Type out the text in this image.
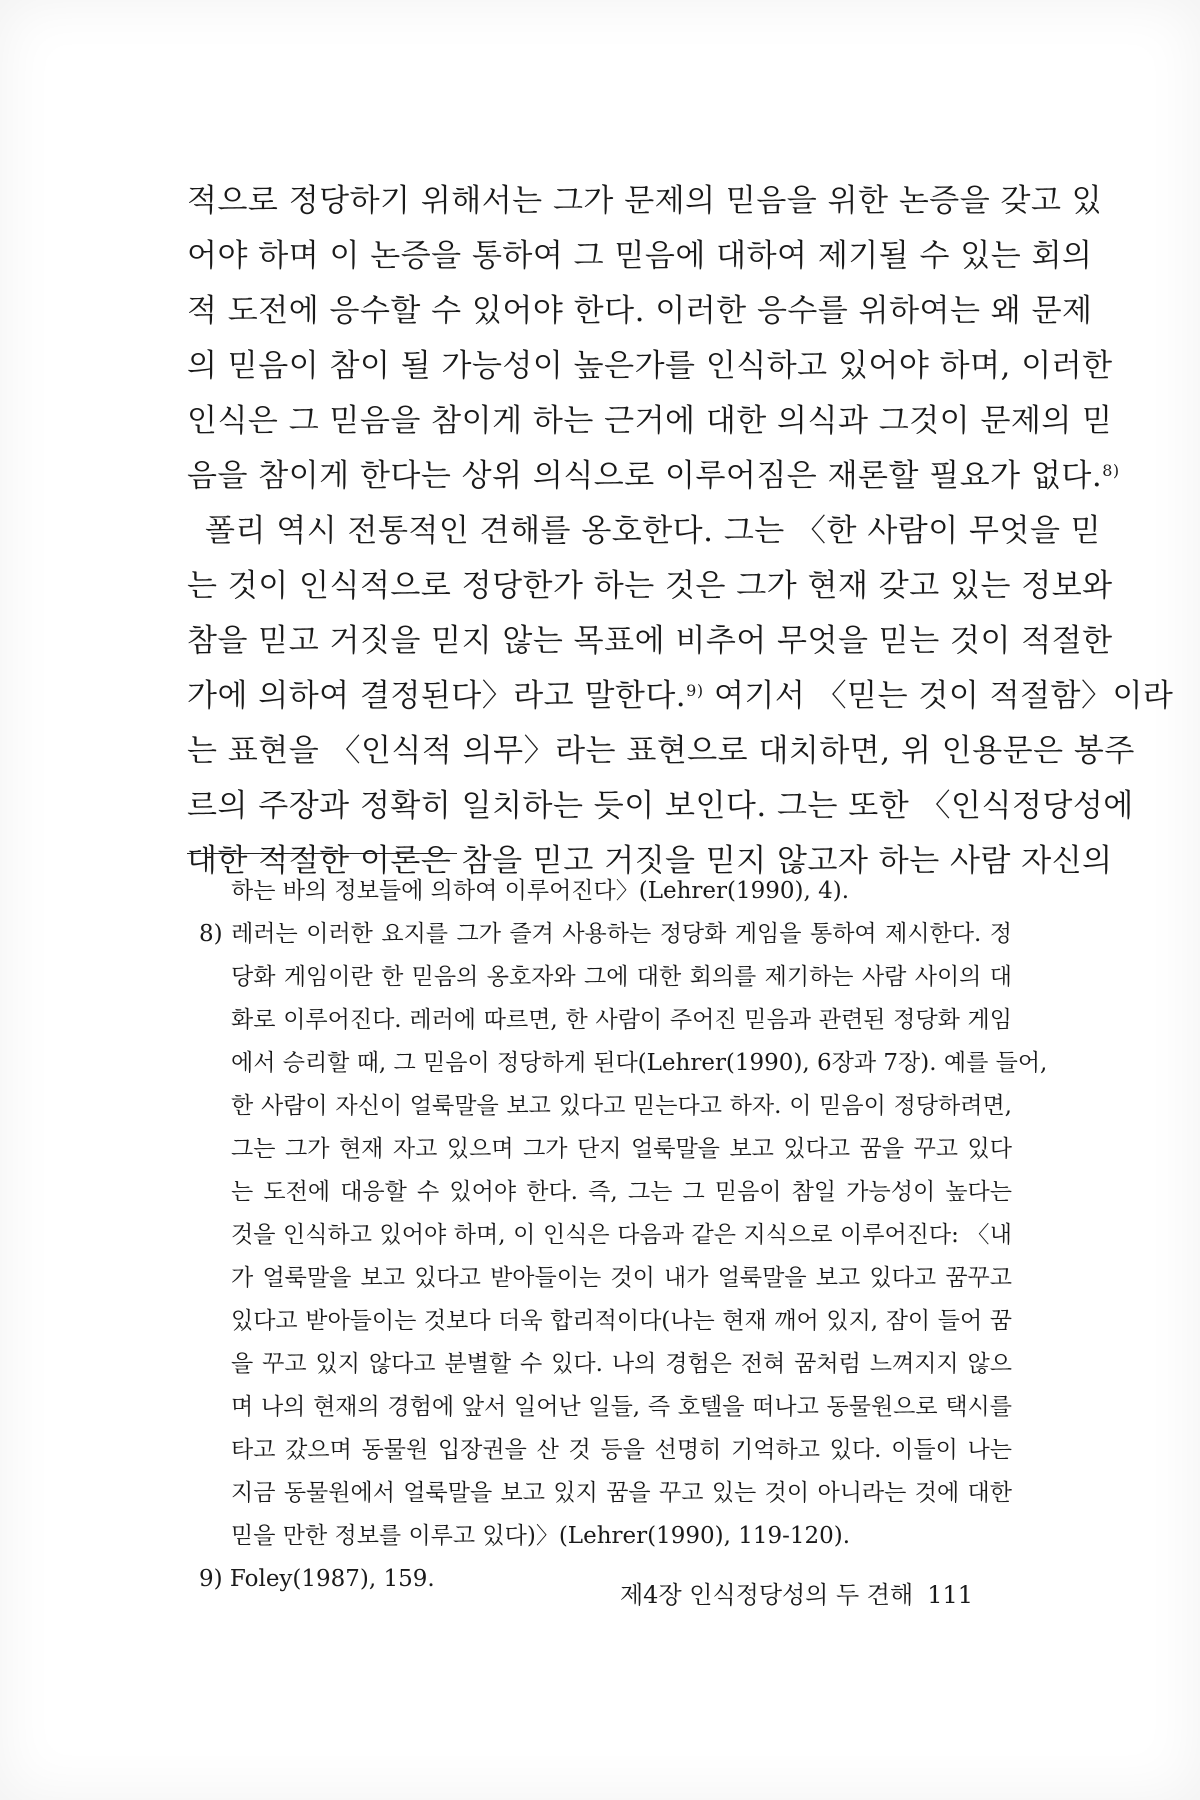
적으로 정당하기 위해서는 그가 문제의 믿음을 위한 논증을 갖고 있
어야 하며 이 논증을 통하여 그 믿음에 대하여 제기될 수 있는 회의
적 도전에 응수할 수 있어야 한다. 이러한 응수를 위하여는 왜 문제
의 믿음이 참이 될 가능성이 높은가를 인식하고 있어야 하며, 이러한
인식은 그 믿음을 참이게 하는 근거에 대한 의식과 그것이 문제의 믿
음을 참이게 한다는 상위 의식으로 이루어짐은 재론할 필요가 없다.$^{8)}$
폴리 역시 전통적인 견해를 옹호한다. 그는 〈한 사람이 무엇을 믿
는 것이 인식적으로 정당한가 하는 것은 그가 현재 갖고 있는 정보와
참을 믿고 거짓을 믿지 않는 목표에 비추어 무엇을 믿는 것이 적절한
가에 의하여 결정된다〉라고 말한다.$^{9)}$ 여기서 〈믿는 것이 적절함〉이라
는 표현을 〈인식적 의무〉라는 표현으로 대치하면, 위 인용문은 봉주
르의 주장과 정확히 일치하는 듯이 보인다. 그는 또한 〈인식정당성에
대한 적절한 이론은 참을 믿고 거짓을 믿지 않고자 하는 사람 자신의
하는 바의 정보들에 의하여 이루어진다〉(Lehrer(1990), 4).
8) 레러는 이러한 요지를 그가 즐겨 사용하는 정당화 게임을 통하여 제시한다. 정
당화 게임이란 한 믿음의 옹호자와 그에 대한 회의를 제기하는 사람 사이의 대
화로 이루어진다. 레러에 따르면, 한 사람이 주어진 믿음과 관련된 정당화 게임
에서 승리할 때, 그 믿음이 정당하게 된다(Lehrer(1990), 6장과 7장). 예를 들어,
한 사람이 자신이 얼룩말을 보고 있다고 믿는다고 하자. 이 믿음이 정당하려면,
그는 그가 현재 자고 있으며 그가 단지 얼룩말을 보고 있다고 꿈을 꾸고 있다
는 도전에 대응할 수 있어야 한다. 즉, 그는 그 믿음이 참일 가능성이 높다는
것을 인식하고 있어야 하며, 이 인식은 다음과 같은 지식으로 이루어진다: 〈내
가 얼룩말을 보고 있다고 받아들이는 것이 내가 얼룩말을 보고 있다고 꿈꾸고
있다고 받아들이는 것보다 더욱 합리적이다(나는 현재 깨어 있지, 잠이 들어 꿈
을 꾸고 있지 않다고 분별할 수 있다. 나의 경험은 전혀 꿈처럼 느껴지지 않으
며 나의 현재의 경험에 앞서 일어난 일들, 즉 호텔을 떠나고 동물원으로 택시를
타고 갔으며 동물원 입장권을 산 것 등을 선명히 기억하고 있다. 이들이 나는
지금 동물원에서 얼룩말을 보고 있지 꿈을 꾸고 있는 것이 아니라는 것에 대한
믿을 만한 정보를 이루고 있다)〉(Lehrer(1990), 119-120).
9) Foley(1987), 159.
제4장 인식정당성의 두 견해 111
